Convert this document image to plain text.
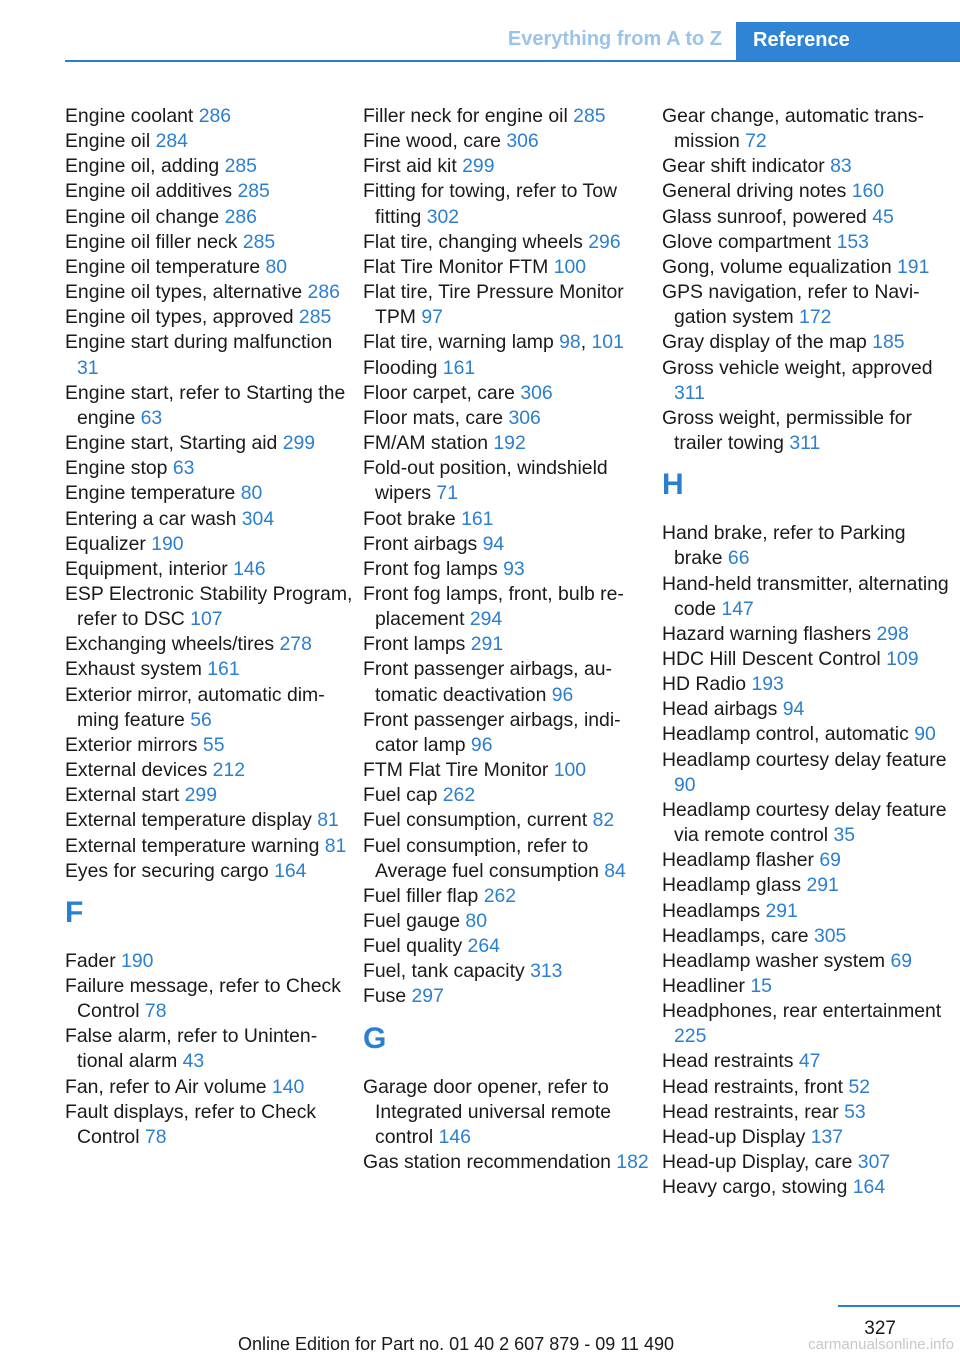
Everything from A to Z	Reference
Engine coolant 286
Engine oil 284
Engine oil, adding 285
Engine oil additives 285
Engine oil change 286
Engine oil filler neck 285
Engine oil temperature 80
Engine oil types, alternative 286
Engine oil types, approved 285
Engine start during malfunction 31
Engine start, refer to Starting the engine 63
Engine start, Starting aid 299
Engine stop 63
Engine temperature 80
Entering a car wash 304
Equalizer 190
Equipment, interior 146
ESP Electronic Stability Program, refer to DSC 107
Exchanging wheels/tires 278
Exhaust system 161
Exterior mirror, automatic dimming feature 56
Exterior mirrors 55
External devices 212
External start 299
External temperature display 81
External temperature warning 81
Eyes for securing cargo 164
F
Fader 190
Failure message, refer to Check Control 78
False alarm, refer to Unintentional alarm 43
Fan, refer to Air volume 140
Fault displays, refer to Check Control 78
Filler neck for engine oil 285
Fine wood, care 306
First aid kit 299
Fitting for towing, refer to Tow fitting 302
Flat tire, changing wheels 296
Flat Tire Monitor FTM 100
Flat tire, Tire Pressure Monitor TPM 97
Flat tire, warning lamp 98, 101
Flooding 161
Floor carpet, care 306
Floor mats, care 306
FM/AM station 192
Fold-out position, windshield wipers 71
Foot brake 161
Front airbags 94
Front fog lamps 93
Front fog lamps, front, bulb replacement 294
Front lamps 291
Front passenger airbags, automatic deactivation 96
Front passenger airbags, indicator lamp 96
FTM Flat Tire Monitor 100
Fuel cap 262
Fuel consumption, current 82
Fuel consumption, refer to Average fuel consumption 84
Fuel filler flap 262
Fuel gauge 80
Fuel quality 264
Fuel, tank capacity 313
Fuse 297
G
Garage door opener, refer to Integrated universal remote control 146
Gas station recommendation 182
Gear change, automatic transmission 72
Gear shift indicator 83
General driving notes 160
Glass sunroof, powered 45
Glove compartment 153
Gong, volume equalization 191
GPS navigation, refer to Navigation system 172
Gray display of the map 185
Gross vehicle weight, approved 311
Gross weight, permissible for trailer towing 311
H
Hand brake, refer to Parking brake 66
Hand-held transmitter, alternating code 147
Hazard warning flashers 298
HDC Hill Descent Control 109
HD Radio 193
Head airbags 94
Headlamp control, automatic 90
Headlamp courtesy delay feature 90
Headlamp courtesy delay feature via remote control 35
Headlamp flasher 69
Headlamp glass 291
Headlamps 291
Headlamps, care 305
Headlamp washer system 69
Headliner 15
Headphones, rear entertainment 225
Head restraints 47
Head restraints, front 52
Head restraints, rear 53
Head-up Display 137
Head-up Display, care 307
Heavy cargo, stowing 164
327
Online Edition for Part no. 01 40 2 607 879 - 09 11 490	carmanualsonline.info
